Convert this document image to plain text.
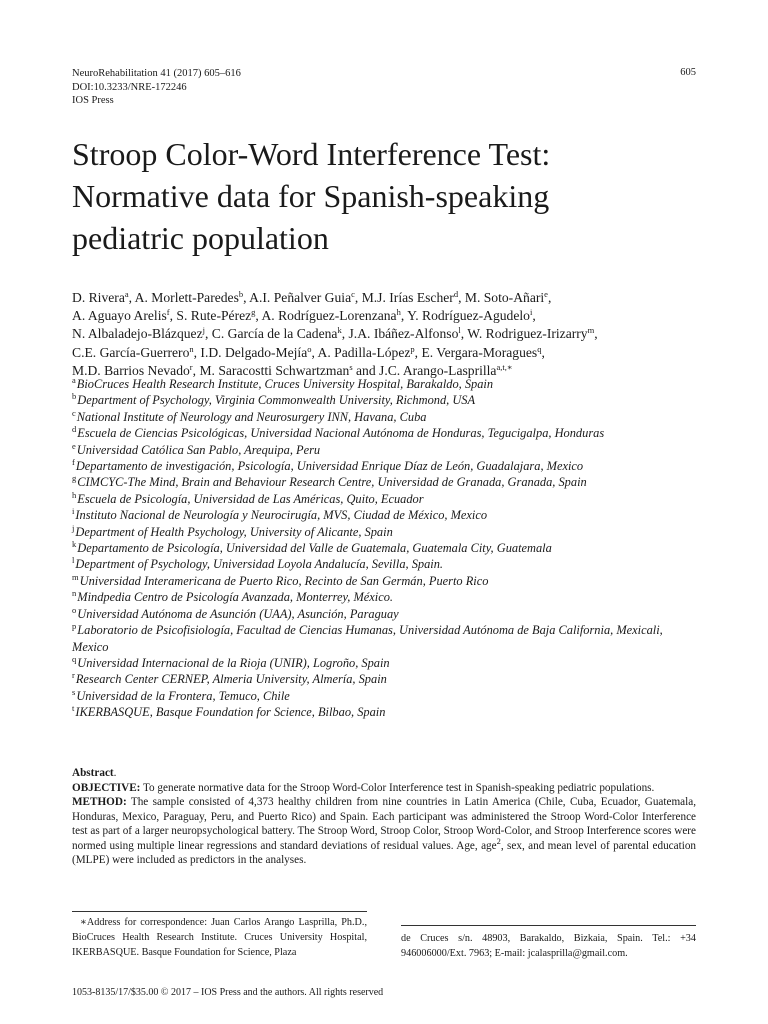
NeuroRehabilitation 41 (2017) 605–616
DOI:10.3233/NRE-172246
IOS Press
605
Stroop Color-Word Interference Test:
Normative data for Spanish-speaking
pediatric population
D. Rivera$^a$, A. Morlett-Paredes$^b$, A.I. Peñalver Guia$^c$, M.J. Irías Escher$^d$, M. Soto-Añari$^e$,
A. Aguayo Arelis$^f$, S. Rute-Pérez$^g$, A. Rodríguez-Lorenzana$^h$, Y. Rodríguez-Agudelo$^i$,
N. Albaladejo-Blázquez$^j$, C. García de la Cadena$^k$, J.A. Ibáñez-Alfonso$^l$, W. Rodriguez-Irizarry$^m$,
C.E. García-Guerrero$^n$, I.D. Delgado-Mejía$^o$, A. Padilla-López$^p$, E. Vergara-Moragues$^q$,
M.D. Barrios Nevado$^r$, M. Saracostti Schwartzman$^s$ and J.C. Arango-Lasprilla$^{a,t,∗}$
$^a$BioCruces Health Research Institute, Cruces University Hospital, Barakaldo, Spain
$^b$Department of Psychology, Virginia Commonwealth University, Richmond, USA
$^c$National Institute of Neurology and Neurosurgery INN, Havana, Cuba
$^d$Escuela de Ciencias Psicológicas, Universidad Nacional Autónoma de Honduras, Tegucigalpa, Honduras
$^e$Universidad Católica San Pablo, Arequipa, Peru
$^f$Departamento de investigación, Psicología, Universidad Enrique Díaz de León, Guadalajara, Mexico
$^g$CIMCYC-The Mind, Brain and Behaviour Research Centre, Universidad de Granada, Granada, Spain
$^h$Escuela de Psicología, Universidad de Las Américas, Quito, Ecuador
$^i$Instituto Nacional de Neurología y Neurocirugía, MVS, Ciudad de México, Mexico
$^j$Department of Health Psychology, University of Alicante, Spain
$^k$Departamento de Psicología, Universidad del Valle de Guatemala, Guatemala City, Guatemala
$^l$Department of Psychology, Universidad Loyola Andalucía, Sevilla, Spain.
$^m$Universidad Interamericana de Puerto Rico, Recinto de San Germán, Puerto Rico
$^n$Mindpedia Centro de Psicología Avanzada, Monterrey, México.
$^o$Universidad Autónoma de Asunción (UAA), Asunción, Paraguay
$^p$Laboratorio de Psicofisiología, Facultad de Ciencias Humanas, Universidad Autónoma de Baja California, Mexicali, Mexico
$^q$Universidad Internacional de la Rioja (UNIR), Logroño, Spain
$^r$Research Center CERNEP, Almeria University, Almería, Spain
$^s$Universidad de la Frontera, Temuco, Chile
$^t$IKERBASQUE, Basque Foundation for Science, Bilbao, Spain

Abstract.

OBJECTIVE: To generate normative data for the Stroop Word-Color Interference test in Spanish-speaking pediatric populations.

METHOD: The sample consisted of 4,373 healthy children from nine countries in Latin America (Chile, Cuba, Ecuador, Guatemala, Honduras, Mexico, Paraguay, Peru, and Puerto Rico) and Spain. Each participant was administered the Stroop Word-Color Interference test as part of a larger neuropsychological battery. The Stroop Word, Stroop Color, Stroop Word-Color, and Stroop Interference scores were normed using multiple linear regressions and standard deviations of residual values. Age, age$^2$, sex, and mean level of parental education (MLPE) were included as predictors in the analyses.

∗Address for correspondence: Juan Carlos Arango Lasprilla, Ph.D., BioCruces Health Research Institute. Cruces University Hospital, IKERBASQUE. Basque Foundation for Science, Plaza
de Cruces s/n. 48903, Barakaldo, Bizkaia, Spain. Tel.: +34 946006000/Ext. 7963; E-mail: jcalasprilla@gmail.com.
1053-8135/17/$35.00 © 2017 – IOS Press and the authors. All rights reserved
